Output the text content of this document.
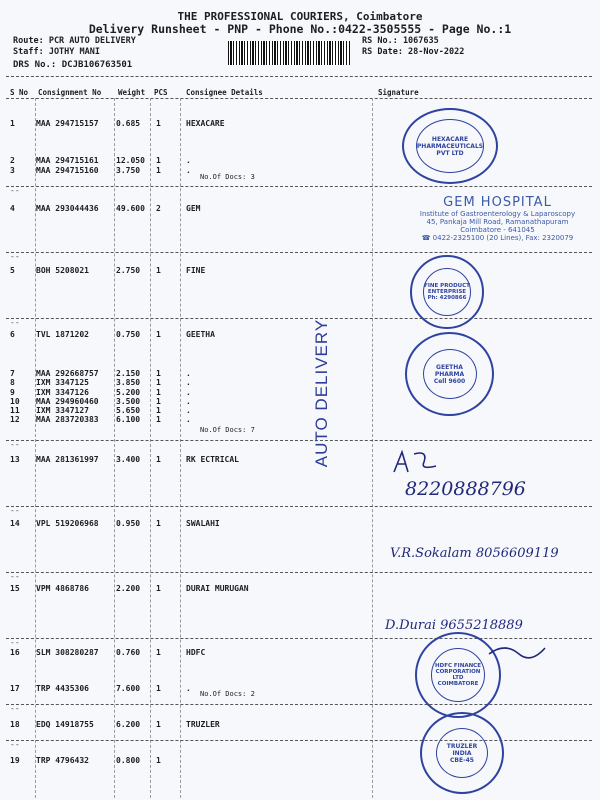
THE PROFESSIONAL COURIERS, Coimbatore
Delivery Runsheet - PNP - Phone No.:0422-3505555 - Page No.:1
Route: PCR AUTO DELIVERY
Staff: JOTHY MANI
DRS No.: DCJB106763501
RS No.: 1067635
RS Date: 28-Nov-2022
S No Consignment No Weight PCS Consignee Details	Signature
--
--
--
--
--
--
--
--
--
1	MAA 294715157 0.685 1	HEXACARE
2	MAA 294715161 12.050 1	.
3	MAA 294715160 3.750 1	.
4	MAA 293044436 49.600 2	GEM
5	BOH 5208021	2.750 1	FINE
6	TVL 1871202	0.750 1	GEETHA
7	MAA 292668757 2.150 1	.
8	IXM 3347125	3.850 1	.
9	IXM 3347126	5.200 1	.
10 MAA 294960460 3.500 1	.
11 IXM 3347127	5.650 1	.
12 MAA 283720383 6.100 1	.
13 MAA 281361997 3.400 1	RK ECTRICAL
14 VPL 519206968 0.950 1	SWALAHI
15 VPM 4868786	2.200 1	DURAI MURUGAN
16 SLM 308280287 0.760 1	HDFC
17 TRP 4435306	7.600 1	.
18 EDQ 14918755	6.200 1	TRUZLER
19 TRP 4796432	0.800 1
No.Of Docs: 3
No.Of Docs: 7
No.Of Docs: 2
AUTO DELIVERY
HEXACARE PHARMACEUTICALS PVT LTD
GEM HOSPITAL
Institute of Gastroenterology & Laparoscopy
45, Pankaja Mill Road, Ramanathapuram
Coimbatore - 641045
☎ 0422-2325100 (20 Lines), Fax: 2320079
FINE PRODUCT ENTERPRISE
Ph: 4290866
GEETHA PHARMA
Cell 9600
HDFC FINANCE CORPORATION LTD
COIMBATORE
TRUZLER INDIA
CBE-45
8220888796
V.R.Sokalam 8056609119
D.Durai 9655218889
